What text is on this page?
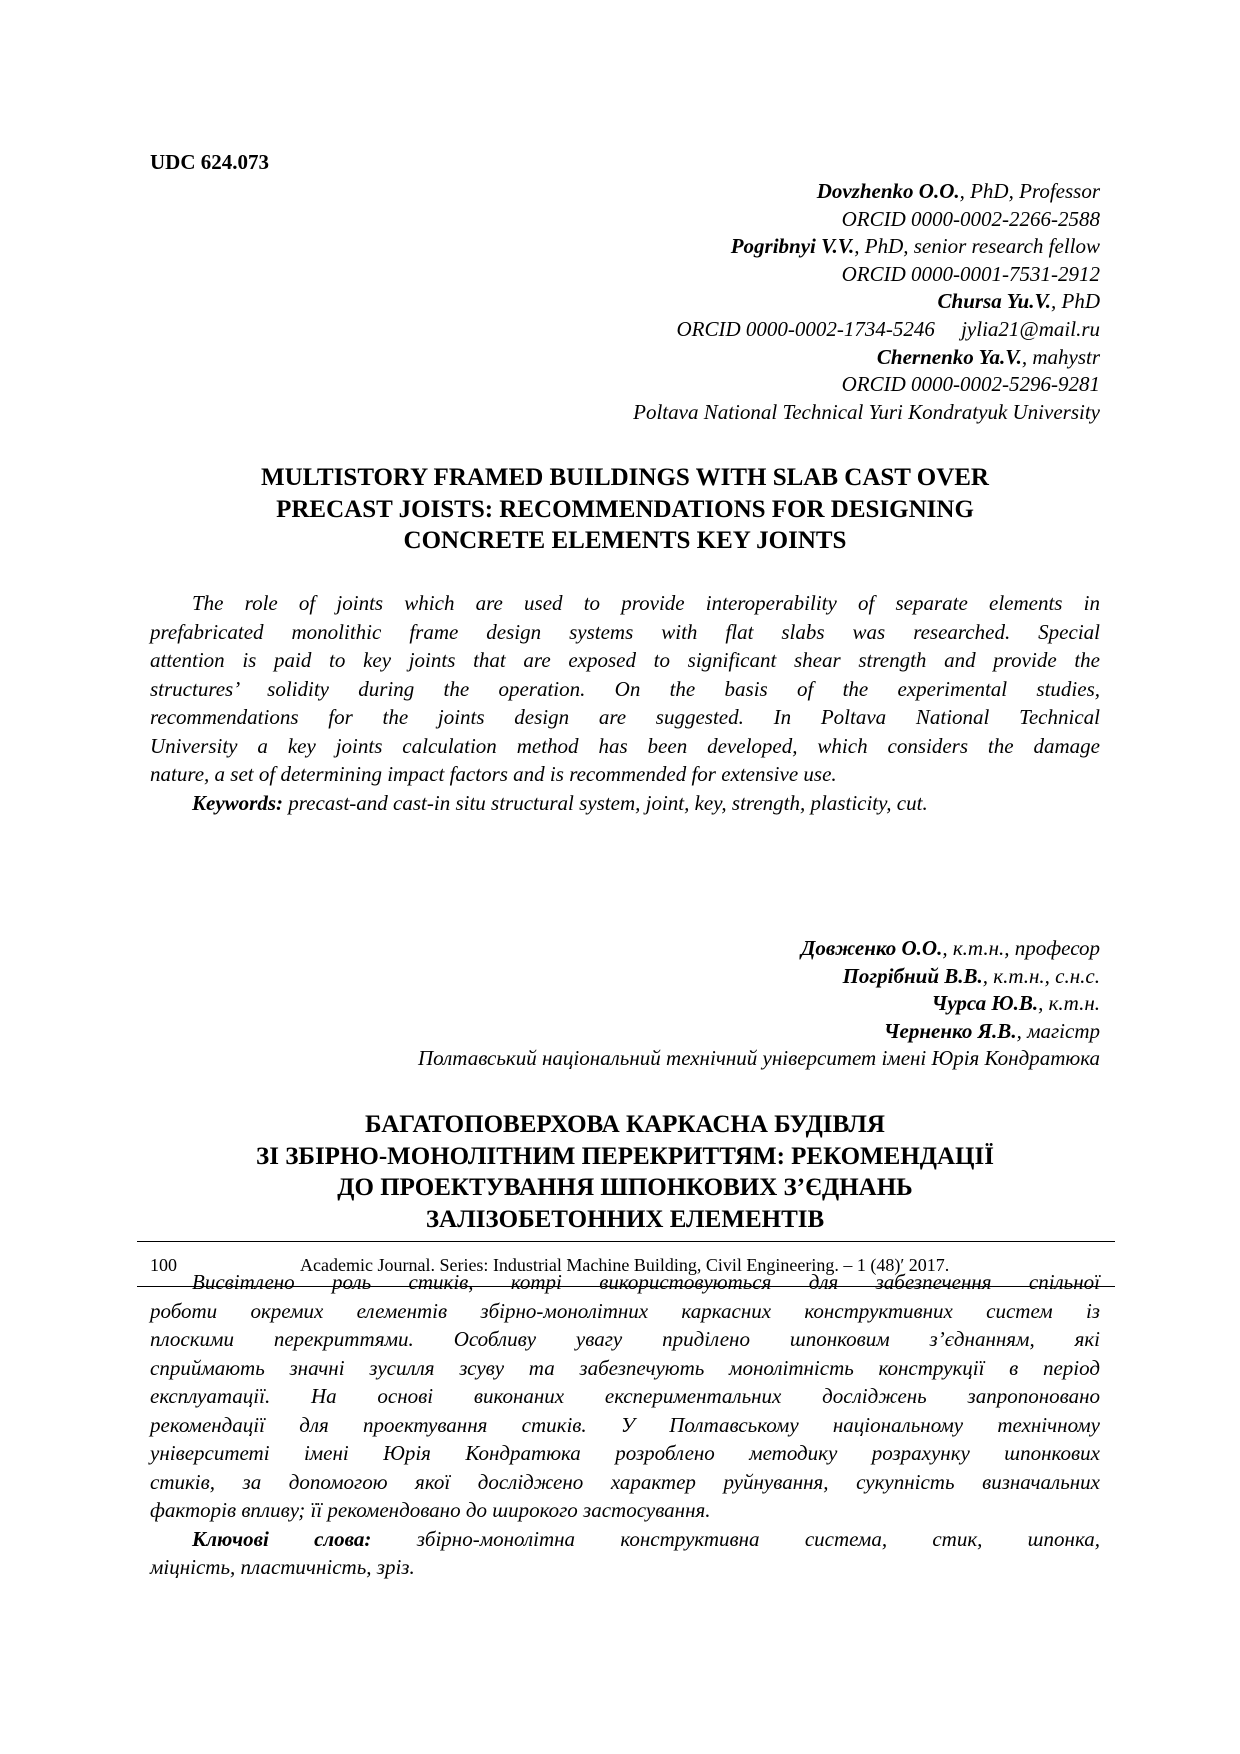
UDC 624.073
Dovzhenko O.O., PhD, Professor
ORCID 0000-0002-2266-2588
Pogribnyi V.V., PhD, senior research fellow
ORCID 0000-0001-7531-2912
Chursa Yu.V., PhD
ORCID 0000-0002-1734-5246     jylia21@mail.ru
Chernenko Ya.V., mahystr
ORCID 0000-0002-5296-9281
Poltava National Technical Yuri Kondratyuk University
MULTISTORY FRAMED BUILDINGS WITH SLAB CAST OVER
PRECAST JOISTS: RECOMMENDATIONS FOR DESIGNING
CONCRETE ELEMENTS KEY JOINTS
The role of joints which are used to provide interoperability of separate elements in
prefabricated monolithic frame design systems with flat slabs was researched. Special
attention is paid to key joints that are exposed to significant shear strength and provide the
structures’ solidity during the operation. On the basis of the experimental studies,
recommendations for the joints design are suggested. In Poltava National Technical
University a key joints calculation method has been developed, which considers the damage
nature, a set of determining impact factors and is recommended for extensive use.
Keywords: precast-and cast-in situ structural system, joint, key, strength, plasticity, cut.
Довженко О.О., к.т.н., професор
Погрібний В.В., к.т.н., с.н.с.
Чурса Ю.В., к.т.н.
Черненко Я.В., магістр
Полтавський національний технічний університет імені Юрія Кондратюка
БАГАТОПОВЕРХОВА КАРКАСНА БУДІВЛЯ
ЗІ ЗБІРНО-МОНОЛІТНИМ ПЕРЕКРИТТЯМ: РЕКОМЕНДАЦІЇ
ДО ПРОЕКТУВАННЯ ШПОНКОВИХ З’ЄДНАНЬ
ЗАЛІЗОБЕТОННИХ ЕЛЕМЕНТІВ
Висвітлено роль стиків, котрі використовуються для забезпечення спільної
роботи окремих елементів збірно-монолітних каркасних конструктивних систем із
плоскими перекриттями. Особливу увагу приділено шпонковим з’єднанням, які
сприймають значні зусилля зсуву та забезпечують монолітність конструкції в період
експлуатації. На основі виконаних експериментальних досліджень запропоновано
рекомендації для проектування стиків. У Полтавському національному технічному
університеті імені Юрія Кондратюка розроблено методику розрахунку шпонкових
стиків, за допомогою якої досліджено характер руйнування, сукупність визначальних
факторів впливу; її рекомендовано до широкого застосування.
Ключові слова: збірно-монолітна конструктивна система, стик, шпонка,
міцність, пластичність, зріз.
100	Academic Journal. Series: Industrial Machine Building, Civil Engineering. – 1 (48)′ 2017.
